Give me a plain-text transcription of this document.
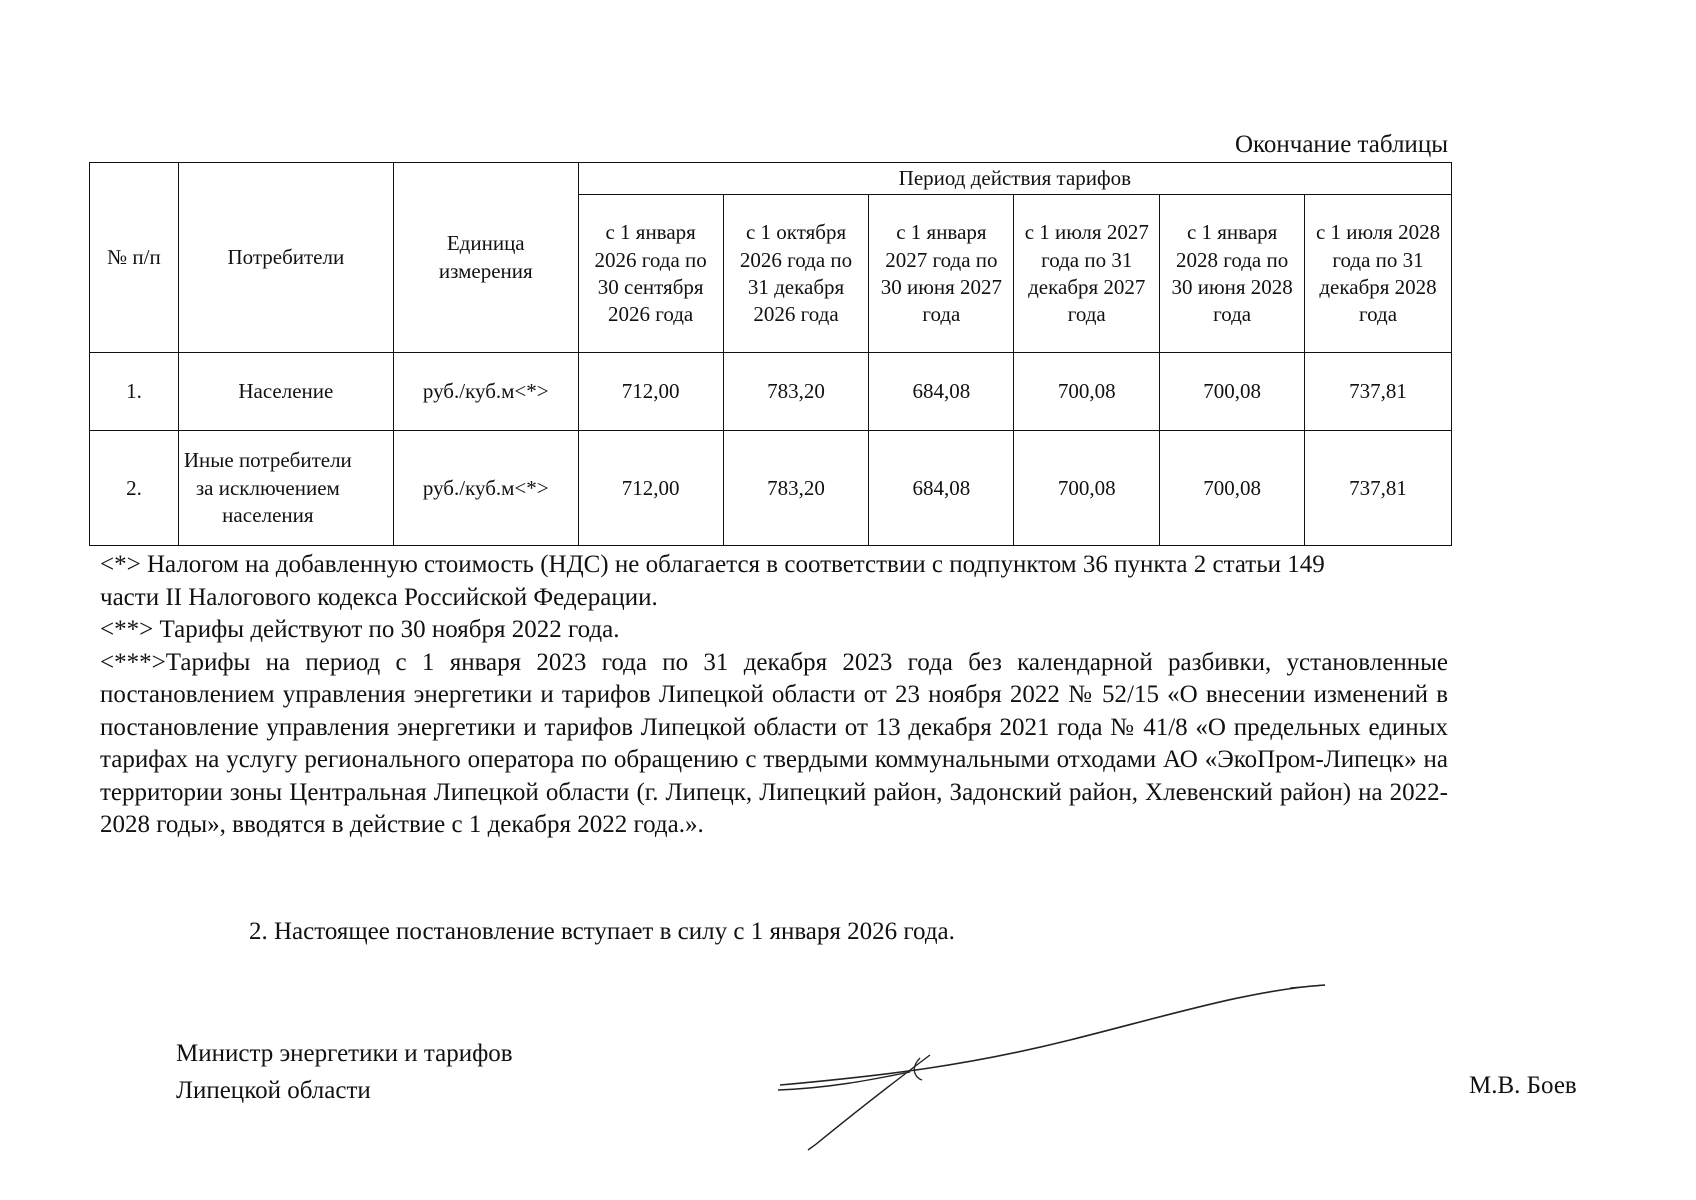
Окончание таблицы
№ п/п	Потребители	Единица измерения	Период действия тарифов					
			с 1 января 2026 года по 30 сентября 2026 года	с 1 октября 2026 года по 31 декабря 2026 года	с 1 января 2027 года по 30 июня 2027 года	с 1 июля 2027 года по 31 декабря 2027 года	с 1 января 2028 года по 30 июня 2028 года	с 1 июля 2028 года по 31 декабря 2028 года
1.	Население	руб./куб.м<*>	712,00	783,20	684,08	700,08	700,08	737,81
2.	Иные потребители за исключением населения	руб./куб.м<*>	712,00	783,20	684,08	700,08	700,08	737,81

<*> Налогом на добавленную стоимость (НДС) не облагается в соответствии с подпунктом 36 пункта 2 статьи 149 части II Налогового кодекса Российской Федерации.

<**> Тарифы действуют по 30 ноября 2022 года.

<***>Тарифы на период с 1 января 2023 года по 31 декабря 2023 года без календарной разбивки, установленные постановлением управления энергетики и тарифов Липецкой области от 23 ноября 2022 № 52/15 «О внесении изменений в постановление управления энергетики и тарифов Липецкой области от 13 декабря 2021 года № 41/8 «О предельных единых тарифах на услугу регионального оператора по обращению с твердыми коммунальными отходами АО «ЭкоПром-Липецк» на территории зоны Центральная Липецкой области (г. Липецк, Липецкий район, Задонский район, Хлевенский район) на 2022-2028 годы», вводятся в действие с 1 декабря 2022 года.».

2. Настоящее постановление вступает в силу с 1 января 2026 года.
Министр энергетики и тарифов
Липецкой области	М.В. Боев
